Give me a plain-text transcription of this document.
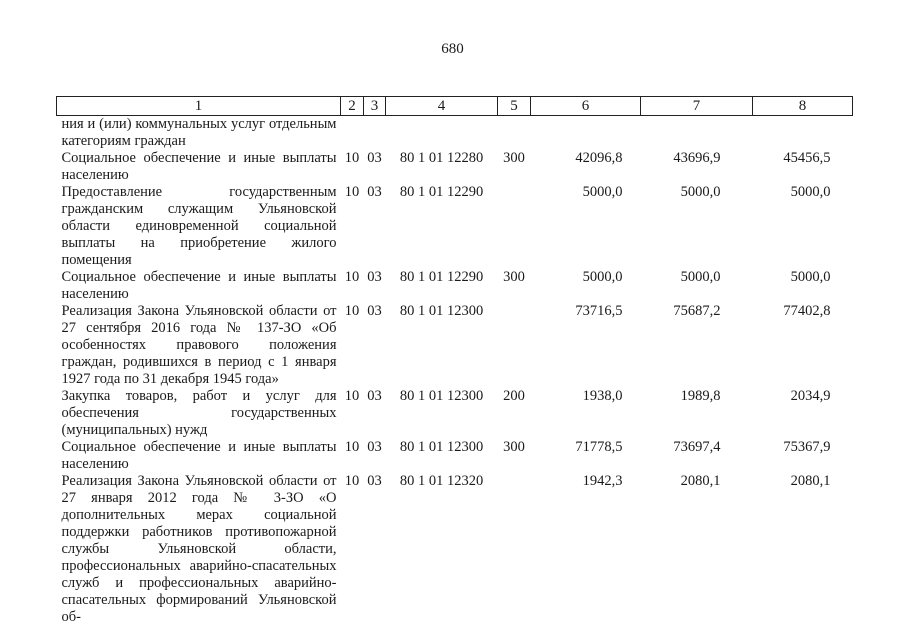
680
1	2	3	4	5	6	7	8
ния и (или) коммунальных услуг отдельным категориям граждан							
Социальное обеспечение и иные выплаты населению	10	03	80 1 01 12280	300	42096,8	43696,9	45456,5
Предоставление государственным гражданским служащим Ульяновской области единовременной социальной выплаты на приобретение жилого помещения	10	03	80 1 01 12290		5000,0	5000,0	5000,0
Социальное обеспечение и иные выплаты населению	10	03	80 1 01 12290	300	5000,0	5000,0	5000,0
Реализация Закона Ульяновской области от 27 сентября 2016 года № 137-ЗО «Об особенностях правового положения граждан, родившихся в период с 1 января 1927 года по 31 декабря 1945 года»	10	03	80 1 01 12300		73716,5	75687,2	77402,8
Закупка товаров, работ и услуг для обеспечения государственных (муниципальных) нужд	10	03	80 1 01 12300	200	1938,0	1989,8	2034,9
Социальное обеспечение и иные выплаты населению	10	03	80 1 01 12300	300	71778,5	73697,4	75367,9
Реализация Закона Ульяновской области от 27 января 2012 года № 3-ЗО «О дополнительных мерах социальной поддержки работников противопожарной службы Ульяновской области, профессиональных аварийно-спасательных служб и профессиональных аварийно-спасательных формирований Ульяновской об-	10	03	80 1 01 12320		1942,3	2080,1	2080,1
